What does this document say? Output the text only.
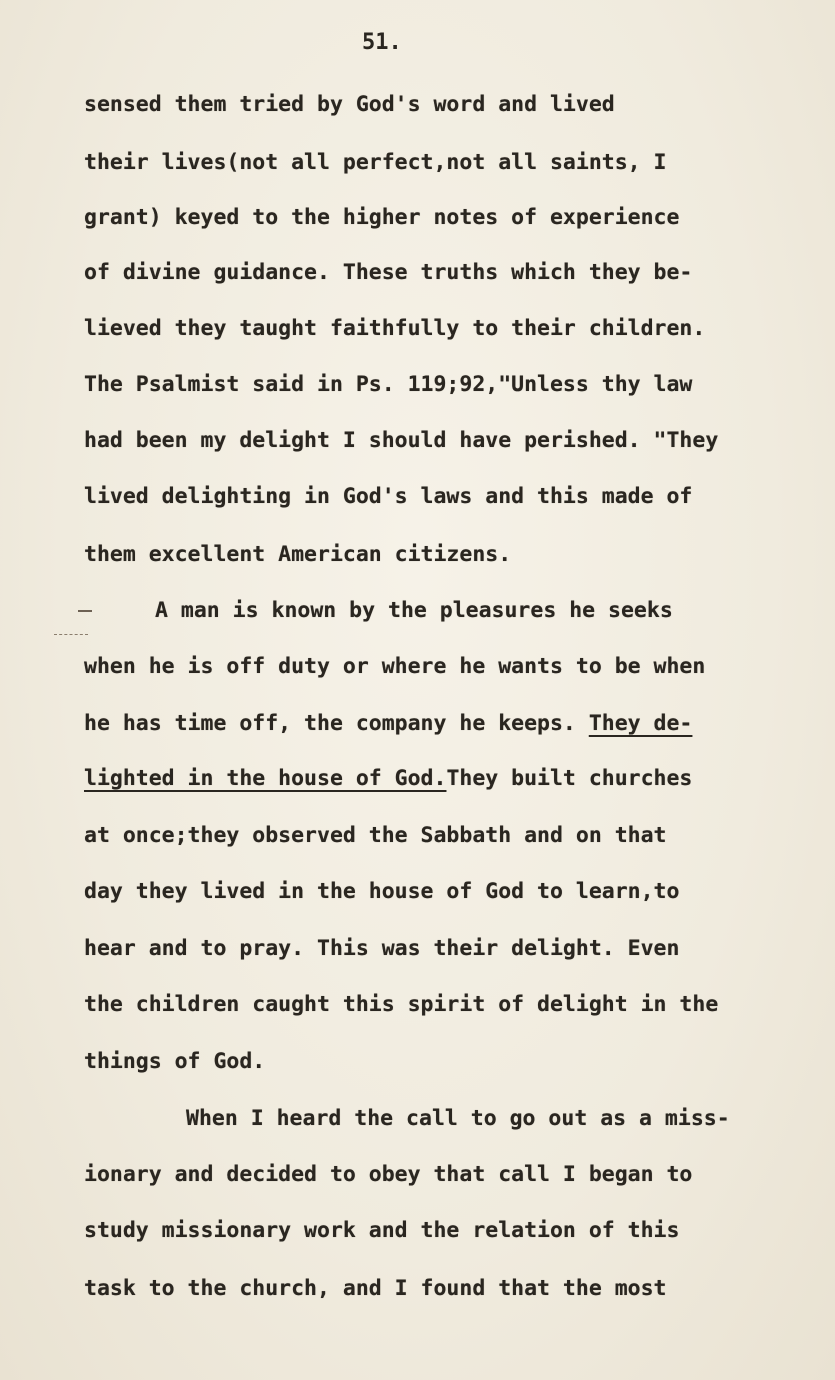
51.
sensed them tried by God's word and lived
their lives(not all perfect,not all saints, I
grant) keyed to the higher notes of experience
of divine guidance. These truths which they be-
lieved they taught faithfully to their children.
The Psalmist said in Ps. 119;92,"Unless thy law
had been my delight I should have perished. "They
lived delighting in God's laws and this made of
them excellent American citizens.
A man is known by the pleasures he seeks
when he is off duty or where he wants to be when
he has time off, the company he keeps. They de-
lighted in the house of God.They built churches
at once;they observed the Sabbath and on that
day they lived in the house of God to learn,to
hear and to pray. This was their delight. Even
the children caught this spirit of delight in the
things of God.
When I heard the call to go out as a miss-
ionary and decided to obey that call I began to
study missionary work and the relation of this
task to the church, and I found that the most
